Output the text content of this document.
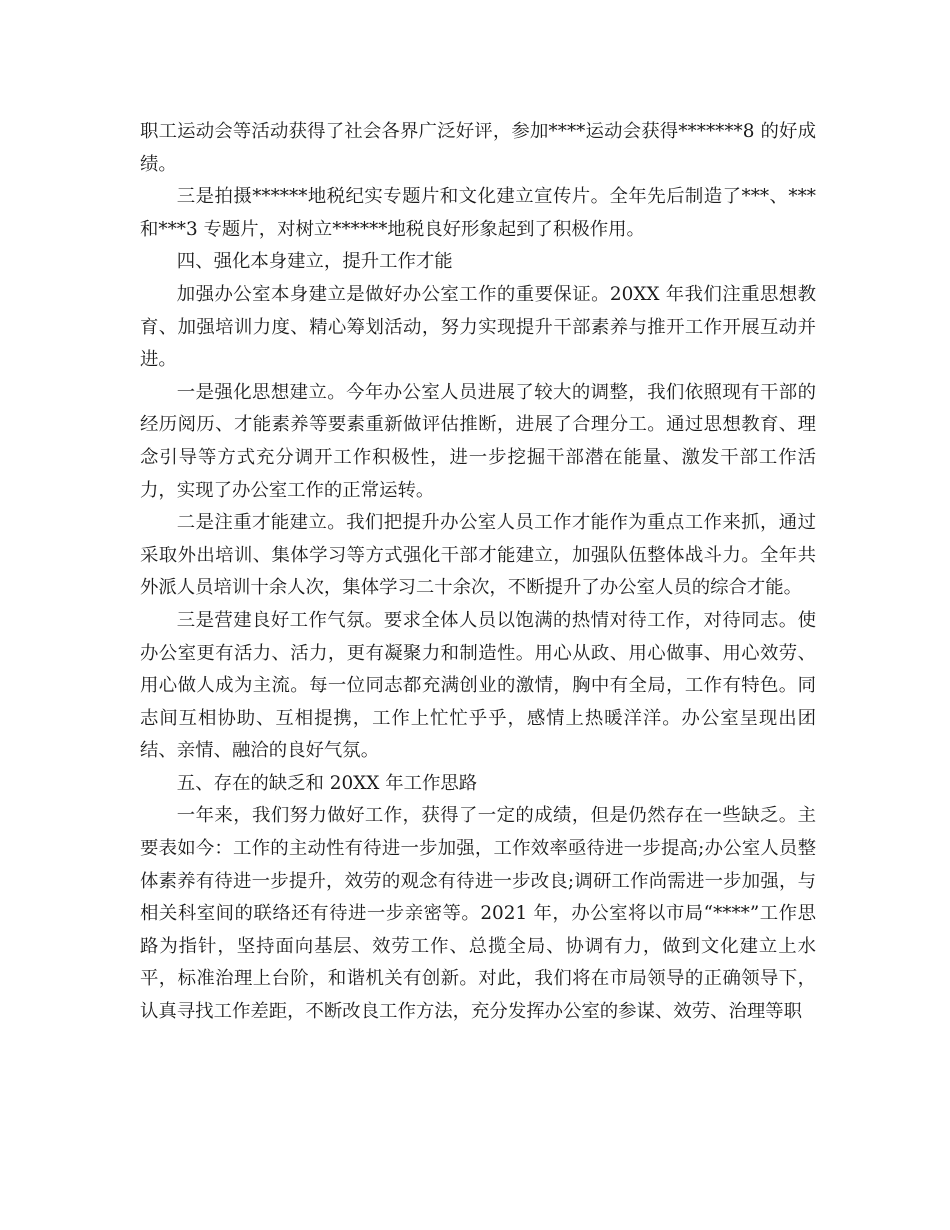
职工运动会等活动获得了社会各界广泛好评，参加****运动会获得*******8 的好成绩。

三是拍摄******地税纪实专题片和文化建立宣传片。全年先后制造了***、***和***3 专题片，对树立******地税良好形象起到了积极作用。

四、强化本身建立，提升工作才能

加强办公室本身建立是做好办公室工作的重要保证。20XX 年我们注重思想教育、加强培训力度、精心筹划活动，努力实现提升干部素养与推开工作开展互动并进。

一是强化思想建立。今年办公室人员进展了较大的调整，我们依照现有干部的经历阅历、才能素养等要素重新做评估推断，进展了合理分工。通过思想教育、理念引导等方式充分调开工作积极性，进一步挖掘干部潜在能量、激发干部工作活力，实现了办公室工作的正常运转。

二是注重才能建立。我们把提升办公室人员工作才能作为重点工作来抓，通过采取外出培训、集体学习等方式强化干部才能建立，加强队伍整体战斗力。全年共外派人员培训十余人次，集体学习二十余次，不断提升了办公室人员的综合才能。

三是营建良好工作气氛。要求全体人员以饱满的热情对待工作，对待同志。使办公室更有活力、活力，更有凝聚力和制造性。用心从政、用心做事、用心效劳、用心做人成为主流。每一位同志都充满创业的激情，胸中有全局，工作有特色。同志间互相协助、互相提携，工作上忙忙乎乎，感情上热暖洋洋。办公室呈现出团结、亲情、融洽的良好气氛。

五、存在的缺乏和 20XX 年工作思路

一年来，我们努力做好工作，获得了一定的成绩，但是仍然存在一些缺乏。主要表如今：工作的主动性有待进一步加强，工作效率亟待进一步提高;办公室人员整体素养有待进一步提升，效劳的观念有待进一步改良;调研工作尚需进一步加强，与相关科室间的联络还有待进一步亲密等。2021 年，办公室将以市局“****”工作思路为指针，坚持面向基层、效劳工作、总揽全局、协调有力，做到文化建立上水平，标准治理上台阶，和谐机关有创新。对此，我们将在市局领导的正确领导下，认真寻找工作差距，不断改良工作方法，充分发挥办公室的参谋、效劳、治理等职
